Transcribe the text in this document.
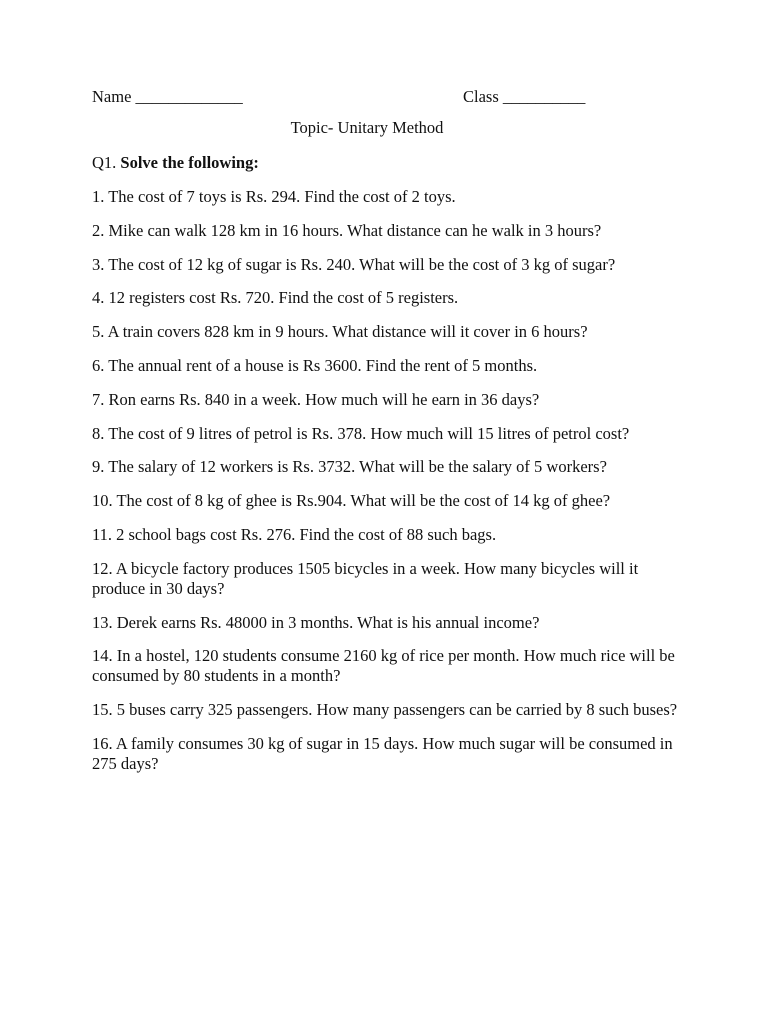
Name _____________	Class __________
Topic- Unitary Method
Q1. Solve the following:
1. The cost of 7 toys is Rs. 294. Find the cost of 2 toys.
2. Mike can walk 128 km in 16 hours. What distance can he walk in 3 hours?
3. The cost of 12 kg of sugar is Rs. 240. What will be the cost of 3 kg of sugar?
4. 12 registers cost Rs. 720. Find the cost of 5 registers.
5. A train covers 828 km in 9 hours. What distance will it cover in 6 hours?
6. The annual rent of a house is Rs 3600. Find the rent of 5 months.
7. Ron earns Rs. 840 in a week. How much will he earn in 36 days?
8. The cost of 9 litres of petrol is Rs. 378. How much will 15 litres of petrol cost?
9. The salary of 12 workers is Rs. 3732. What will be the salary of 5 workers?
10. The cost of 8 kg of ghee is Rs.904. What will be the cost of 14 kg of ghee?
11. 2 school bags cost Rs. 276. Find the cost of 88 such bags.
12. A bicycle factory produces 1505 bicycles in a week. How many bicycles will it produce in 30 days?
13. Derek earns Rs. 48000 in 3 months. What is his annual income?
14. In a hostel, 120 students consume 2160 kg of rice per month. How much rice will be consumed by 80 students in a month?
15. 5 buses carry 325 passengers. How many passengers can be carried by 8 such buses?
16. A family consumes 30 kg of sugar in 15 days. How much sugar will be consumed in 275 days?
